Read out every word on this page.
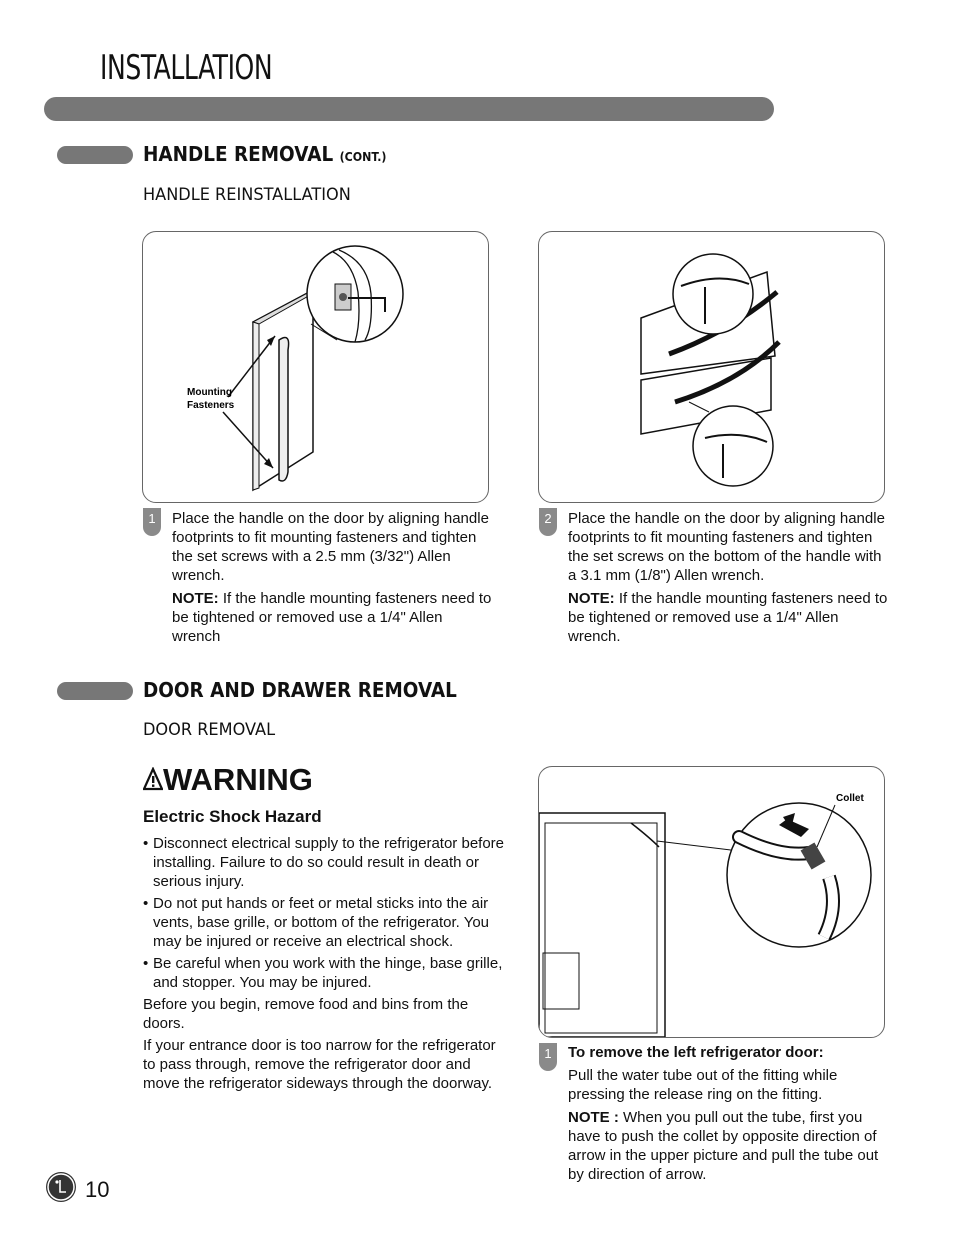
INSTALLATION
HANDLE REMOVAL (CONT.)
HANDLE REINSTALLATION
Mounting
Fasteners
1	Place the handle on the door by aligning handle footprints to fit mounting fasteners and tighten the set screws with a 2.5 mm (3/32") Allen wrench.

NOTE: If the handle mounting fasteners need to be tightened or removed use a 1/4" Allen wrench

2	Place the handle on the door by aligning handle footprints to fit mounting fasteners and tighten the set screws on the bottom of the handle with a 3.1 mm (1/8") Allen wrench.

NOTE: If the handle mounting fasteners need to be tightened or removed use a 1/4" Allen wrench.

DOOR AND DRAWER REMOVAL
DOOR REMOVAL
WARNING
Electric Shock Hazard
• Disconnect electrical supply to the refrigerator before installing. Failure to do so could result in death or serious injury.
• Do not put hands or feet or metal sticks into the air vents, base grille, or bottom of the refrigerator. You may be injured or receive an electrical shock.
• Be careful when you work with the hinge, base grille, and stopper. You may be injured.

Before you begin, remove food and bins from the doors.

If your entrance door is too narrow for the refrigerator to pass through, remove the refrigerator door and move the refrigerator sideways through the doorway.

Collet
1	To remove the left refrigerator door:

Pull the water tube out of the fitting while pressing the release ring on the fitting.

NOTE : When you pull out the tube, first you have to push the collet by opposite direction of arrow in the upper picture and pull the tube out by direction of arrow.

10
